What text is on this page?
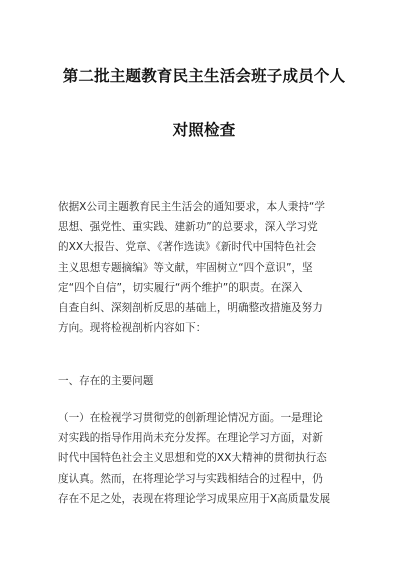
第二批主题教育民主生活会班子成员个人
对照检查
依据X公司主题教育民主生活会的通知要求，本人秉持“学
思想、强党性、重实践、建新功”的总要求，深入学习党
的XX大报告、党章、《著作选读》《新时代中国特色社会
主义思想专题摘编》等文献，牢固树立“四个意识”，坚
定“四个自信”，切实履行“两个维护”的职责。在深入
自查自纠、深刻剖析反思的基础上，明确整改措施及努力
方向。现将检视剖析内容如下：
一、存在的主要问题
（一）在检视学习贯彻党的创新理论情况方面。一是理论
对实践的指导作用尚未充分发挥。在理论学习方面，对新
时代中国特色社会主义思想和党的XX大精神的贯彻执行态
度认真。然而，在将理论学习与实践相结合的过程中，仍
存在不足之处，表现在将理论学习成果应用于X高质量发展
